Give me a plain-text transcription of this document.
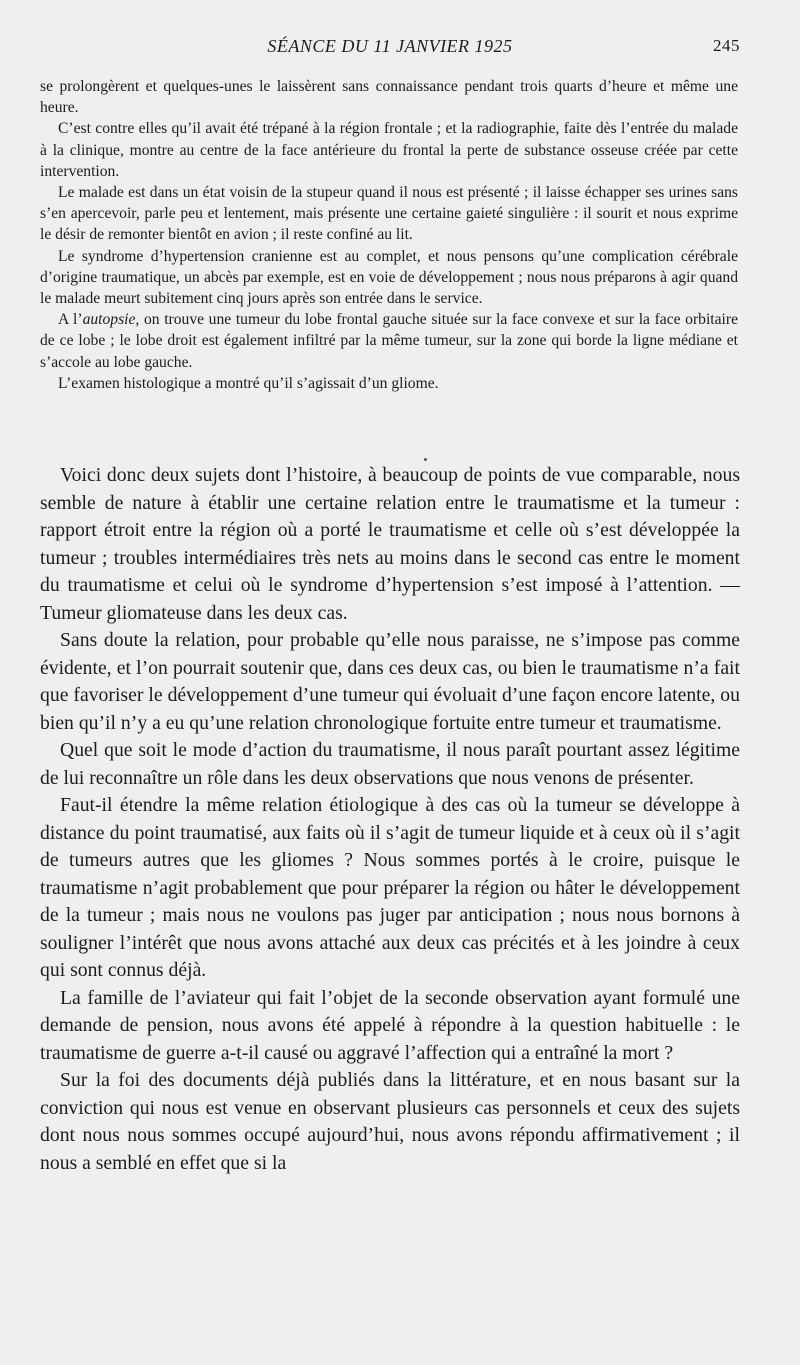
SÉANCE DU 11 JANVIER 1925	245

se prolongèrent et quelques-unes le laissèrent sans connaissance pendant trois quarts d’heure et même une heure.

C’est contre elles qu’il avait été trépané à la région frontale ; et la radiographie, faite dès l’entrée du malade à la clinique, montre au centre de la face antérieure du frontal la perte de substance osseuse créée par cette intervention.

Le malade est dans un état voisin de la stupeur quand il nous est présenté ; il laisse échapper ses urines sans s’en apercevoir, parle peu et lentement, mais présente une certaine gaieté singulière : il sourit et nous exprime le désir de remonter bientôt en avion ; il reste confiné au lit.

Le syndrome d’hypertension cranienne est au complet, et nous pensons qu’une complication cérébrale d’origine traumatique, un abcès par exemple, est en voie de développement ; nous nous préparons à agir quand le malade meurt subitement cinq jours après son entrée dans le service.

A l’autopsie, on trouve une tumeur du lobe frontal gauche située sur la face convexe et sur la face orbitaire de ce lobe ; le lobe droit est également infiltré par la même tumeur, sur la zone qui borde la ligne médiane et s’accole au lobe gauche.

L’examen histologique a montré qu’il s’agissait d’un gliome.

Voici donc deux sujets dont l’histoire, à beaucoup de points de vue comparable, nous semble de nature à établir une certaine relation entre le traumatisme et la tumeur : rapport étroit entre la région où a porté le traumatisme et celle où s’est développée la tumeur ; troubles intermédiaires très nets au moins dans le second cas entre le moment du traumatisme et celui où le syndrome d’hypertension s’est imposé à l’attention. — Tumeur gliomateuse dans les deux cas.

Sans doute la relation, pour probable qu’elle nous paraisse, ne s’impose pas comme évidente, et l’on pourrait soutenir que, dans ces deux cas, ou bien le traumatisme n’a fait que favoriser le développement d’une tumeur qui évoluait d’une façon encore latente, ou bien qu’il n’y a eu qu’une relation chronologique fortuite entre tumeur et traumatisme.

Quel que soit le mode d’action du traumatisme, il nous paraît pourtant assez légitime de lui reconnaître un rôle dans les deux observations que nous venons de présenter.

Faut-il étendre la même relation étiologique à des cas où la tumeur se développe à distance du point traumatisé, aux faits où il s’agit de tumeur liquide et à ceux où il s’agit de tumeurs autres que les gliomes ? Nous sommes portés à le croire, puisque le traumatisme n’agit probablement que pour préparer la région ou hâter le développement de la tumeur ; mais nous ne voulons pas juger par anticipation ; nous nous bornons à souligner l’intérêt que nous avons attaché aux deux cas précités et à les joindre à ceux qui sont connus déjà.

La famille de l’aviateur qui fait l’objet de la seconde observation ayant formulé une demande de pension, nous avons été appelé à répondre à la question habituelle : le traumatisme de guerre a-t-il causé ou aggravé l’affection qui a entraîné la mort ?

Sur la foi des documents déjà publiés dans la littérature, et en nous basant sur la conviction qui nous est venue en observant plusieurs cas personnels et ceux des sujets dont nous nous sommes occupé aujourd’hui, nous avons répondu affirmativement ; il nous a semblé en effet que si la
